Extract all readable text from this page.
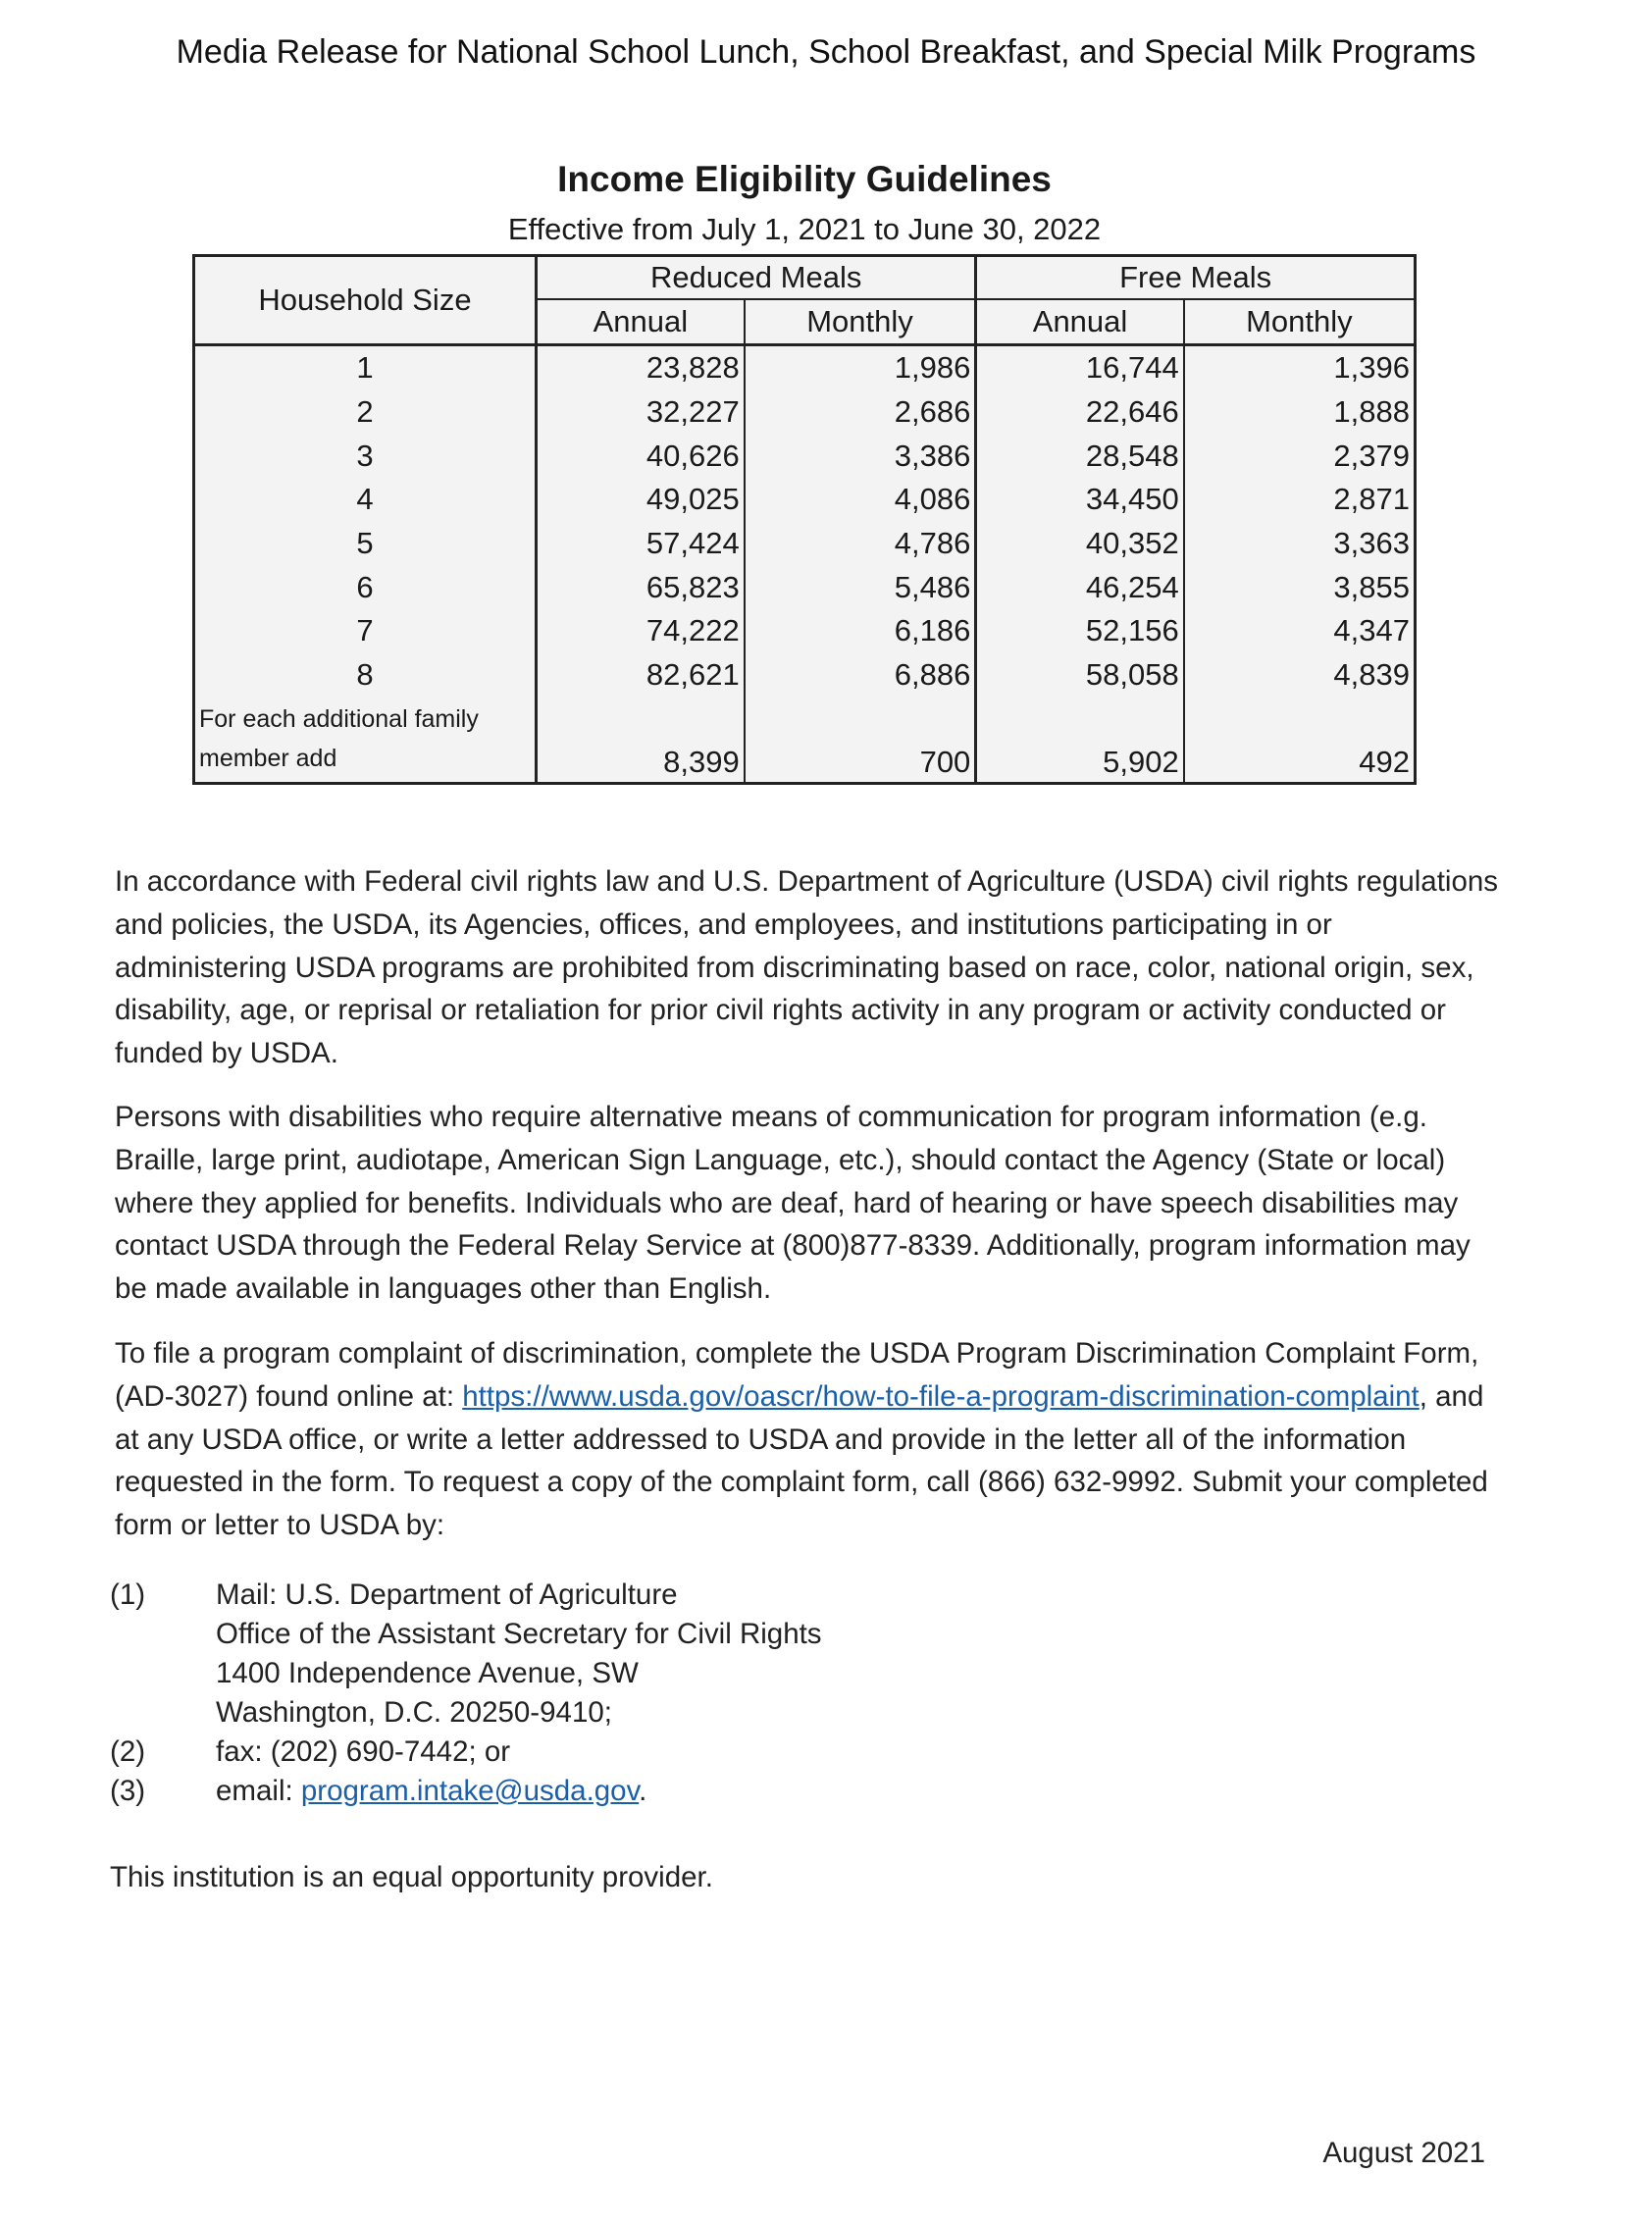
Media Release for National School Lunch, School Breakfast, and Special Milk Programs
Income Eligibility Guidelines
Effective from July 1, 2021 to June 30, 2022
Household Size	Reduced Meals		Free Meals	
	Annual	Monthly	Annual	Monthly
1	23,828	1,986	16,744	1,396
2	32,227	2,686	22,646	1,888
3	40,626	3,386	28,548	2,379
4	49,025	4,086	34,450	2,871
5	57,424	4,786	40,352	3,363
6	65,823	5,486	46,254	3,855
7	74,222	6,186	52,156	4,347
8	82,621	6,886	58,058	4,839
For each additional family
member add	8,399	700	5,902	492
In accordance with Federal civil rights law and U.S. Department of Agriculture (USDA) civil rights regulations and policies, the USDA, its Agencies, offices, and employees, and institutions participating in or administering USDA programs are prohibited from discriminating based on race, color, national origin, sex, disability, age, or reprisal or retaliation for prior civil rights activity in any program or activity conducted or funded by USDA.
Persons with disabilities who require alternative means of communication for program information (e.g. Braille, large print, audiotape, American Sign Language, etc.), should contact the Agency (State or local) where they applied for benefits. Individuals who are deaf, hard of hearing or have speech disabilities may contact USDA through the Federal Relay Service at (800)877-8339. Additionally, program information may be made available in languages other than English.
To file a program complaint of discrimination, complete the USDA Program Discrimination Complaint Form, (AD-3027) found online at: https://www.usda.gov/oascr/how-to-file-a-program-discrimination-complaint, and at any USDA office, or write a letter addressed to USDA and provide in the letter all of the information requested in the form. To request a copy of the complaint form, call (866) 632-9992. Submit your completed form or letter to USDA by:
(1)	Mail: U.S. Department of Agriculture
Office of the Assistant Secretary for Civil Rights
1400 Independence Avenue, SW
Washington, D.C. 20250-9410;
(2)	fax: (202) 690-7442; or
(3)	email: program.intake@usda.gov.
This institution is an equal opportunity provider.
August 2021
